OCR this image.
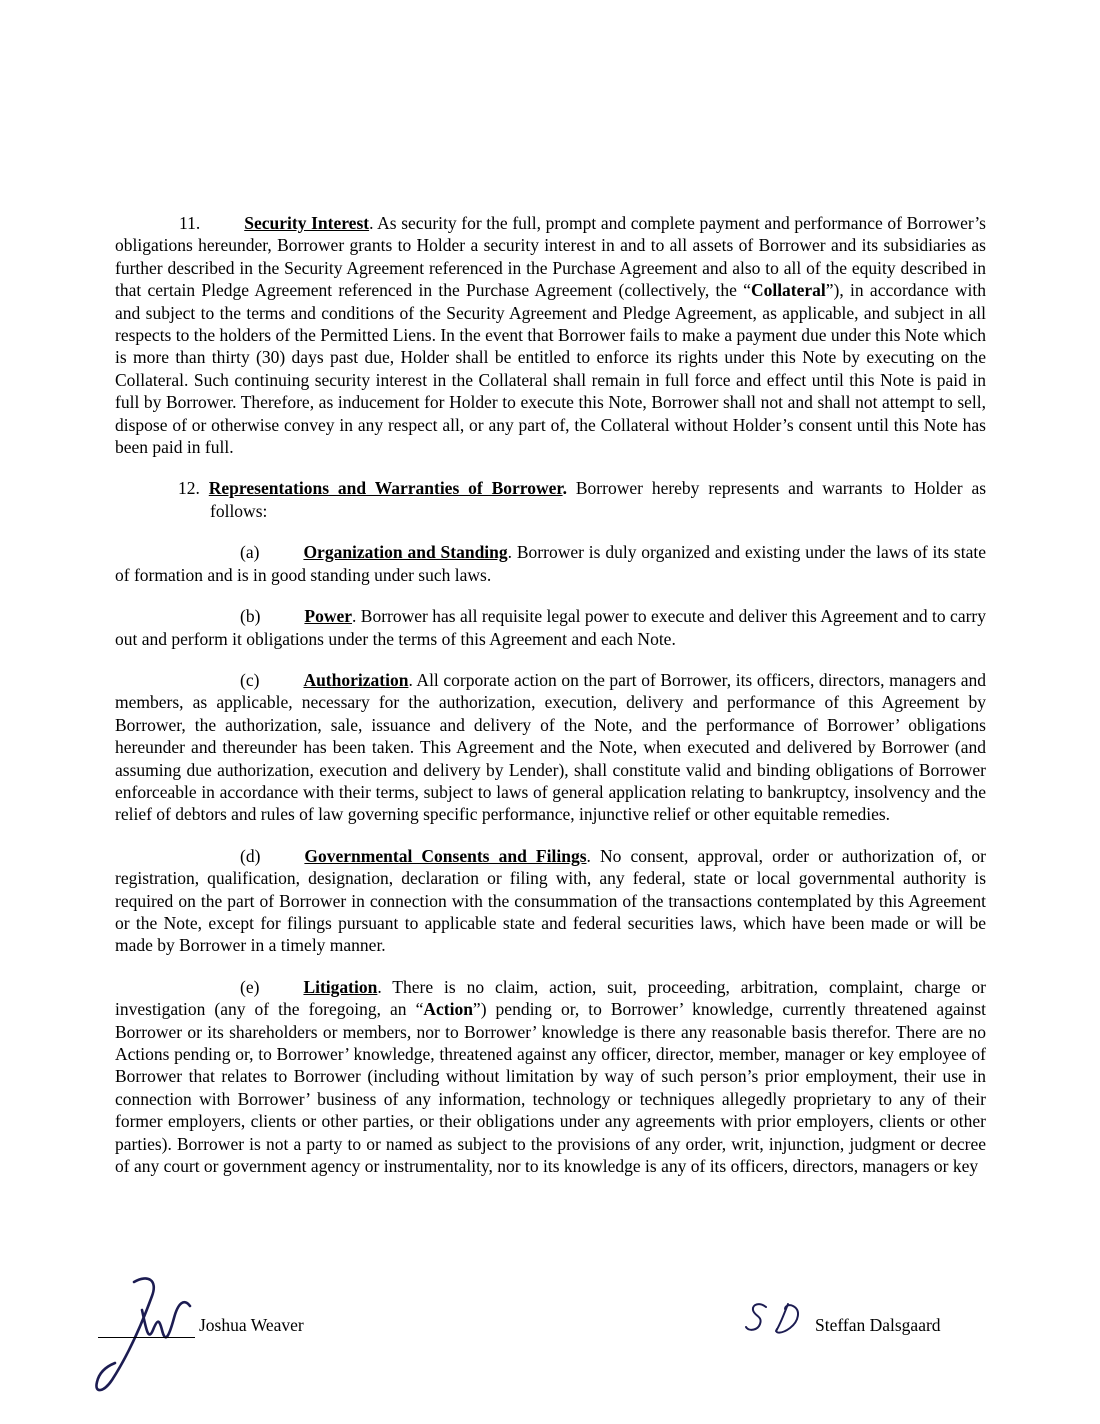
11.	Security Interest. As security for the full, prompt and complete payment and performance of Borrower’s obligations hereunder, Borrower grants to Holder a security interest in and to all assets of Borrower and its subsidiaries as further described in the Security Agreement referenced in the Purchase Agreement and also to all of the equity described in that certain Pledge Agreement referenced in the Purchase Agreement (collectively, the “Collateral”), in accordance with and subject to the terms and conditions of the Security Agreement and Pledge Agreement, as applicable, and subject in all respects to the holders of the Permitted Liens. In the event that Borrower fails to make a payment due under this Note which is more than thirty (30) days past due, Holder shall be entitled to enforce its rights under this Note by executing on the Collateral. Such continuing security interest in the Collateral shall remain in full force and effect until this Note is paid in full by Borrower. Therefore, as inducement for Holder to execute this Note, Borrower shall not and shall not attempt to sell, dispose of or otherwise convey in any respect all, or any part of, the Collateral without Holder’s consent until this Note has been paid in full.

12. Representations and Warranties of Borrower. Borrower hereby represents and warrants to Holder as follows:

(a)	Organization and Standing. Borrower is duly organized and existing under the laws of its state of formation and is in good standing under such laws.

(b)	Power. Borrower has all requisite legal power to execute and deliver this Agreement and to carry out and perform it obligations under the terms of this Agreement and each Note.

(c)	Authorization. All corporate action on the part of Borrower, its officers, directors, managers and members, as applicable, necessary for the authorization, execution, delivery and performance of this Agreement by Borrower, the authorization, sale, issuance and delivery of the Note, and the performance of Borrower’ obligations hereunder and thereunder has been taken. This Agreement and the Note, when executed and delivered by Borrower (and assuming due authorization, execution and delivery by Lender), shall constitute valid and binding obligations of Borrower enforceable in accordance with their terms, subject to laws of general application relating to bankruptcy, insolvency and the relief of debtors and rules of law governing specific performance, injunctive relief or other equitable remedies.

(d)	Governmental Consents and Filings. No consent, approval, order or authorization of, or registration, qualification, designation, declaration or filing with, any federal, state or local governmental authority is required on the part of Borrower in connection with the consummation of the transactions contemplated by this Agreement or the Note, except for filings pursuant to applicable state and federal securities laws, which have been made or will be made by Borrower in a timely manner.

(e)	Litigation. There is no claim, action, suit, proceeding, arbitration, complaint, charge or investigation (any of the foregoing, an “Action”) pending or, to Borrower’ knowledge, currently threatened against Borrower or its shareholders or members, nor to Borrower’ knowledge is there any reasonable basis therefor. There are no Actions pending or, to Borrower’ knowledge, threatened against any officer, director, member, manager or key employee of Borrower that relates to Borrower (including without limitation by way of such person’s prior employment, their use in connection with Borrower’ business of any information, technology or techniques allegedly proprietary to any of their former employers, clients or other parties, or their obligations under any agreements with prior employers, clients or other parties). Borrower is not a party to or named as subject to the provisions of any order, writ, injunction, judgment or decree of any court or government agency or instrumentality, nor to its knowledge is any of its officers, directors, managers or key

Joshua Weaver	Steffan Dalsgaard
